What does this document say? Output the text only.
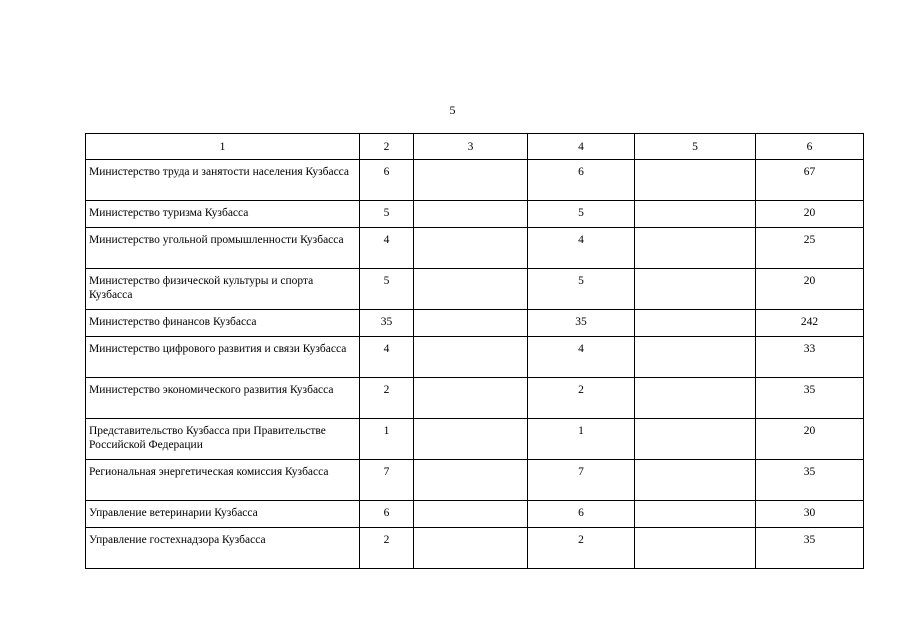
5
1	2	3	4	5	6
Министерство труда и занятости населения Кузбасса	6		6		67
Министерство туризма Кузбасса	5		5		20
Министерство угольной промышленности Кузбасса	4		4		25
Министерство физической культуры и спорта Кузбасса	5		5		20
Министерство финансов Кузбасса	35		35		242
Министерство цифрового развития и связи Кузбасса	4		4		33
Министерство экономического развития Кузбасса	2		2		35
Представительство Кузбасса при Правительстве Российской Федерации	1		1		20
Региональная энергетическая комиссия Кузбасса	7		7		35
Управление ветеринарии Кузбасса	6		6		30
Управление гостехнадзора Кузбасса	2		2		35
